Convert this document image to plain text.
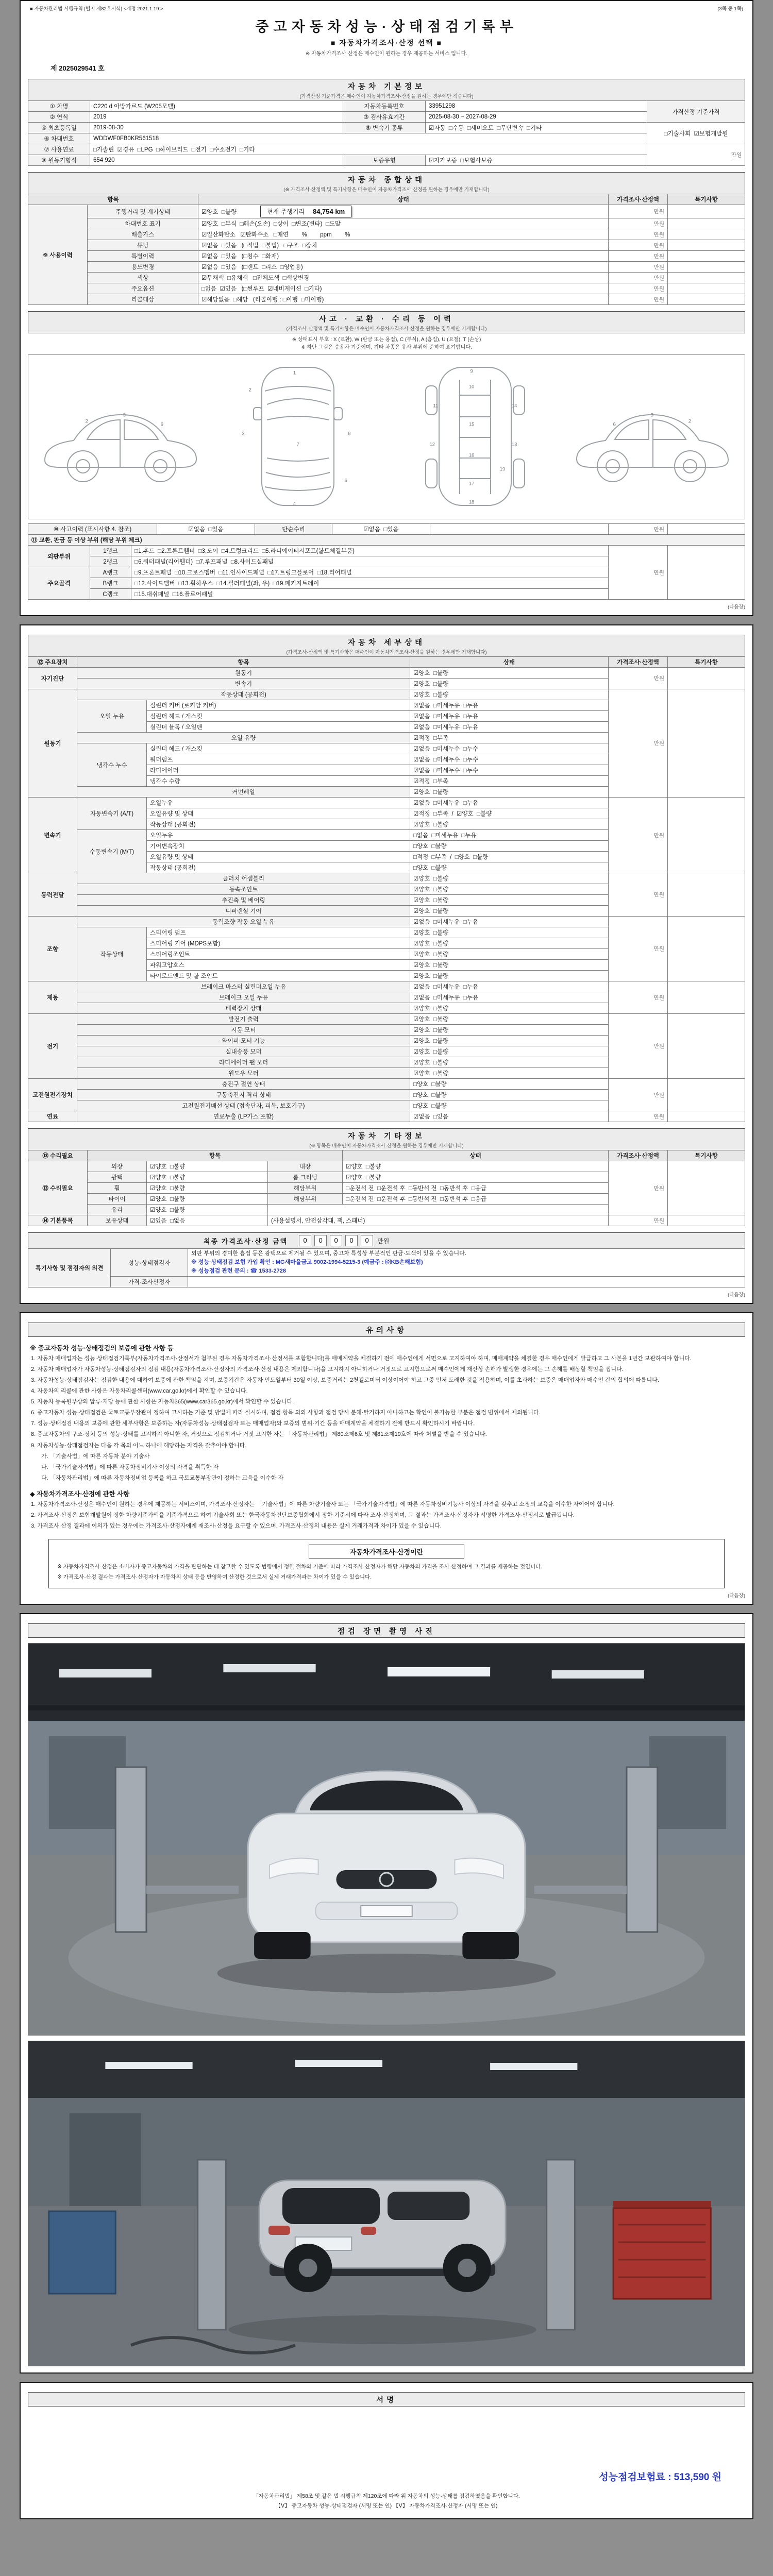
■ 자동차관리법 시행규칙 [별지 제82호서식] <개정 2021.1.19.>	(3쪽 중 1쪽)
중고자동차성능·상태점검기록부
■ 자동차가격조사·산정 선택 ■
※ 자동차가격조사·산정은 매수인이 원하는 경우 제공하는 서비스 입니다.
제 2025029541 호
자동차 기본정보
(가격산정 기준가격은 매수인이 자동차가격조사·산정을 원하는 경우에만 적습니다)
① 차명	C220 d 아방가르드 (W205모델)	자동차등록번호	33951298	가격산정 기준가격
② 연식	2019	③ 검사유효기간	2025-08-30 ~ 2027-08-29	
④ 최초등록일	2019-08-30	⑤ 변속기 종류	☑자동  □수동  □세미오토  □무단변속  □기타	□기술사회  ☑보험개발원
⑥ 차대번호	WDDWF0FB0KR561518			
⑦ 사용연료	□가솔린  ☑경유  □LPG  □하이브리드  □전기  □수소전기  □기타			만원
⑧ 원동기형식	654 920	보증유형	☑자가보증  □보험사보증	
자동차 종합상태
(※ 가격조사·산정액 및 특기사항은 매수인이 자동차가격조사·산정을 원하는 경우에만 기재합니다)
항목		상태	가격조사·산정액	특기사항
⑨ 사용이력	주행거리 및 계기상태	☑양호  □불량 현재 주행거리 84,754 km	만원	
	차대번호 표기	☑양호  □부식  □훼손(오손)  □상이  □변조(변타)  □도말	만원	
	배출가스	☑일산화탄소   ☑탄화수소   □매연        %        ppm        %	만원	
	튜닝	☑없음  □있음   (□적법  □불법)   □구조  □장치	만원	
	특별이력	☑없음  □있음   (□침수  □화재)	만원	
	용도변경	☑없음  □있음   (□렌트  □리스  □영업용)	만원	
	색상	☑무채색  □유채색   □전체도색  □색상변경	만원	
	주요옵션	□없음  ☑있음   (□썬루프  ☑네비게이션  □기타)	만원	
	리콜대상	☑해당없음  □해당   (리콜이행 : □이행  □미이행)	만원	
사고 · 교환 · 수리 등 이력
(가격조사·산정액 및 특기사항은 매수인이 자동차가격조사·산정을 원하는 경우에만 기재합니다)
※ 상태표시 부호 : X (교환), W (판금 또는 용접), C (부식), A (흠집), U (요철), T (손상)
※ 하단 그림은 승용차 기준이며, 기타 차종은 유사 부위에 준하여 표기합니다.
2
3
6
1
2
3
4
7
8
6
9
10
11
12	13
14
15
16
17
18
19
6
3
2
⑩ 사고이력 (표시사항 4. 참조)	☑없음  □있음	단순수리	☑없음  □있음		만원	
⑪ 교환, 판금 등 이상 부위 (해당 부위 체크)				
외판부위	1랭크	□1.후드  □2.프론트휀더  □3.도어  □4.트렁크리드  □5.라디에이터서포트(볼트체결부품)	만원	
	2랭크	□6.쿼터패널(리어휀더)  □7.루프패널  □8.사이드실패널		
주요골격	A랭크	□9.프론트패널  □10.크로스멤버  □11.인사이드패널  □17.트렁크플로어  □18.리어패널		
	B랭크	□12.사이드멤버  □13.휠하우스  □14.필러패널(좌, 우)  □19.패키지트레이		
	C랭크	□15.대쉬패널  □16.플로어패널		
(다음장)
자동차 세부상태
(가격조사·산정액 및 특기사항은 매수인이 자동차가격조사·산정을 원하는 경우에만 기재합니다)
⑫ 주요장치	항목		상태	가격조사·산정액	특기사항
자기진단	원동기		☑양호  □불량	만원	
	변속기		☑양호  □불량		
원동기	작동상태 (공회전)		☑양호  □불량	만원	
	오일 누유	실린더 커버 (로커암 커버)	☑없음  □미세누유  □누유		
		실린더 헤드 / 개스킷	☑없음  □미세누유  □누유		
		실린더 블록 / 오일팬	☑없음  □미세누유  □누유		
	오일 유량		☑적정  □부족		
	냉각수 누수	실린더 헤드 / 개스킷	☑없음  □미세누수  □누수		
		워터펌프	☑없음  □미세누수  □누수		
		라디에이터	☑없음  □미세누수  □누수		
		냉각수 수량	☑적정  □부족		
	커먼레일		☑양호  □불량		
변속기	자동변속기 (A/T)	오일누유	☑없음  □미세누유  □누유	만원	
		오일유량 및 상태	☑적정  □부족  /  ☑양호  □불량		
		작동상태 (공회전)	☑양호  □불량		
	수동변속기 (M/T)	오일누유	□없음  □미세누유  □누유		
		기어변속장치	□양호  □불량		
		오일유량 및 상태	□적정  □부족  /  □양호  □불량		
		작동상태 (공회전)	□양호  □불량		
동력전달	클러치 어셈블리		☑양호  □불량	만원	
	등속조인트		☑양호  □불량		
	추진축 및 베어링		☑양호  □불량		
	디퍼렌셜 기어		☑양호  □불량		
조향	동력조향 작동 오일 누유		☑없음  □미세누유  □누유	만원	
	작동상태	스티어링 펌프	☑양호  □불량		
		스티어링 기어 (MDPS포함)	☑양호  □불량		
		스티어링조인트	☑양호  □불량		
		파워고압호스	☑양호  □불량		
		타이로드엔드 및 볼 조인트	☑양호  □불량		
제동	브레이크 마스터 실린더오일 누유		☑없음  □미세누유  □누유	만원	
	브레이크 오일 누유		☑없음  □미세누유  □누유		
	배력장치 상태		☑양호  □불량		
전기	발전기 출력		☑양호  □불량	만원	
	시동 모터		☑양호  □불량		
	와이퍼 모터 기능		☑양호  □불량		
	실내송풍 모터		☑양호  □불량		
	라디에이터 팬 모터		☑양호  □불량		
	윈도우 모터		☑양호  □불량		
고전원전기장치	충전구 절연 상태		□양호  □불량	만원	
	구동축전지 격리 상태		□양호  □불량		
	고전원전기배선 상태 (접속단자, 피복, 보호기구)		□양호  □불량		
연료	연료누출 (LP가스 포함)		☑없음  □있음	만원	
자동차 기타정보
(※ 항목은 매수인이 자동차가격조사·산정을 원하는 경우에만 기재합니다)
⑬ 수리필요	항목			상태	가격조사·산정액	특기사항
⑬ 수리필요	외장	☑양호  □불량	내장	☑양호  □불량	만원	
	광택	☑양호  □불량	룸 크리닝	☑양호  □불량		
	휠	☑양호  □불량	해당부위	□운전석 전  □운전석 후  □동반석 전  □동반석 후  □응급		
	타이어	☑양호  □불량	해당부위	□운전석 전  □운전석 후  □동반석 전  □동반석 후  □응급		
	유리	☑양호  □불량				
⑭ 기본품목	보유상태	☑있음  □없음	(사용설명서, 안전삼각대, 잭, 스패너)		만원	
최종 가격조사·산정 금액	0 0 0 0 0	만원
특기사항 및 점검자의 의견	성능·상태점검자	외판 부위의 경미한 흠집 등은 광택으로 제거될 수 있으며, 중고차 특성상 부분적인 판금·도색이 있을 수 있습니다.
※ 성능·상태점검 보험 가입 확인 : MG새마을금고 9002-1994-5215-3 (예금주 : ㈜KB손해보험)
※ 성능점검 관련 문의 : ☎ 1533-2728

	가격·조사산정자	
(다음장)
유의사항
※ 중고자동차 성능·상태점검의 보증에 관한 사항 등
1. 자동차 매매업자는 성능·상태점검기록부(자동차가격조사·산정서가 첨부된 경우 자동차가격조사·산정서를 포함합니다)를 매매계약을 체결하기 전에 매수인에게 서면으로 고지하여야 하며, 매매계약을 체결한 경우 매수인에게 발급하고 그 사본을 1년간 보관하여야 합니다.
2. 자동차 매매업자가 자동차성능·상태점검자의 점검 내용(자동차가격조사·산정자의 가격조사·산정 내용은 제외합니다)을 고지하지 아니하거나 거짓으로 고지함으로써 매수인에게 재산상 손해가 발생한 경우에는 그 손해를 배상할 책임을 집니다.
3. 자동차성능·상태점검자는 점검한 내용에 대하여 보증에 관한 책임을 지며, 보증기간은 자동차 인도일부터 30일 이상, 보증거리는 2천킬로미터 이상이어야 하고 그중 먼저 도래한 것을 적용하며, 이를 초과하는 보증은 매매업자와 매수인 간의 합의에 따릅니다.
4. 자동차의 리콜에 관한 사항은 자동차리콜센터(www.car.go.kr)에서 확인할 수 있습니다.
5. 자동차 등록원부상의 압류·저당 등에 관한 사항은 자동차365(www.car365.go.kr)에서 확인할 수 있습니다.
6. 중고자동차 성능·상태점검은 국토교통부장관이 정하여 고시하는 기준 및 방법에 따라 실시하며, 점검 항목 외의 사항과 점검 당시 분해·탈거하지 아니하고는 확인이 불가능한 부분은 점검 범위에서 제외됩니다.
7. 성능·상태점검 내용의 보증에 관한 세부사항은 보증하는 자(자동차성능·상태점검자 또는 매매업자)와 보증의 범위·기간 등을 매매계약을 체결하기 전에 반드시 확인하시기 바랍니다.
8. 중고자동차의 구조·장치 등의 성능·상태를 고지하지 아니한 자, 거짓으로 점검하거나 거짓 고지한 자는 「자동차관리법」 제80조제6호 및 제81조제19호에 따라 처벌을 받을 수 있습니다.
9. 자동차성능·상태점검자는 다음 각 목의 어느 하나에 해당하는 자격을 갖추어야 합니다.
가. 「기술사법」에 따른 자동차 분야 기술사
나. 「국가기술자격법」에 따른 자동차정비기사 이상의 자격을 취득한 자
다. 「자동차관리법」에 따른 자동차정비업 등록을 하고 국토교통부장관이 정하는 교육을 이수한 자
◆ 자동차가격조사·산정에 관한 사항
1. 자동차가격조사·산정은 매수인이 원하는 경우에 제공하는 서비스이며, 가격조사·산정자는 「기술사법」에 따른 차량기술사 또는 「국가기술자격법」에 따른 자동차정비기능사 이상의 자격을 갖추고 소정의 교육을 이수한 자이어야 합니다.
2. 가격조사·산정은 보험개발원이 정한 차량기준가액을 기준가격으로 하여 기술사회 또는 한국자동차진단보증협회에서 정한 기준서에 따라 조사·산정하며, 그 결과는 가격조사·산정자가 서명한 가격조사·산정서로 발급됩니다.
3. 가격조사·산정 결과에 이의가 있는 경우에는 가격조사·산정자에게 재조사·산정을 요구할 수 있으며, 가격조사·산정의 내용은 실제 거래가격과 차이가 있을 수 있습니다.
자동차가격조사·산정이란
※ 자동차가격조사·산정은 소비자가 중고자동차의 가격을 판단하는 데 참고할 수 있도록 법령에서 정한 절차와 기준에 따라 가격조사·산정자가 해당 자동차의 가격을 조사·산정하여 그 결과를 제공하는 것입니다.
※ 가격조사·산정 결과는 가격조사·산정자가 자동차의 상태 등을 반영하여 산정한 것으로서 실제 거래가격과는 차이가 있을 수 있습니다.
(다음장)
점검 장면 촬영 사진
서명
성능점검보험료 : 513,590 원
「자동차관리법」 제58조 및 같은 법 시행규칙 제120조에 따라 위 자동차의 성능·상태를 점검하였음을 확인합니다.
【Ⅴ】 중고자동차 성능·상태점검자 (서명 또는 인) 【Ⅴ】 자동차가격조사·산정자 (서명 또는 인)
